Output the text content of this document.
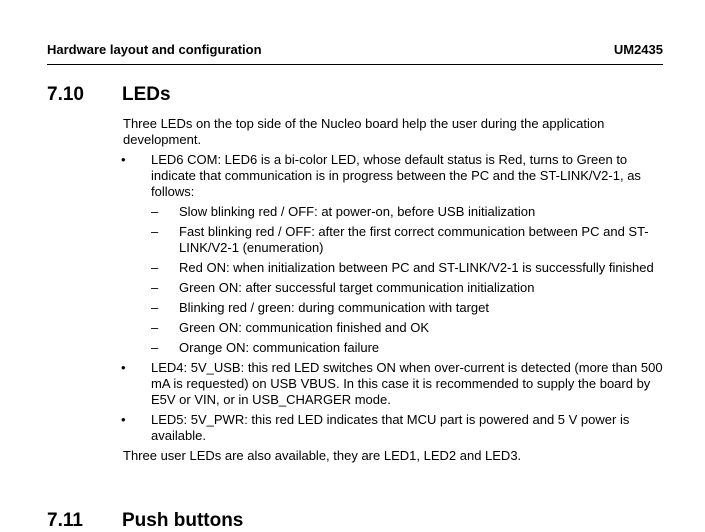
Hardware layout and configuration	UM2435
7.10 LEDs

Three LEDs on the top side of the Nucleo board help the user during the application development.

• LED6 COM: LED6 is a bi-color LED, whose default status is Red, turns to Green to indicate that communication is in progress between the PC and the ST-LINK/V2-1, as follows:
– Slow blinking red / OFF: at power-on, before USB initialization
– Fast blinking red / OFF: after the first correct communication between PC and ST-LINK/V2-1 (enumeration)
– Red ON: when initialization between PC and ST-LINK/V2-1 is successfully finished
– Green ON: after successful target communication initialization
– Blinking red / green: during communication with target
– Green ON: communication finished and OK
– Orange ON: communication failure
• LED4: 5V_USB: this red LED switches ON when over-current is detected (more than 500 mA is requested) on USB VBUS. In this case it is recommended to supply the board by E5V or VIN, or in USB_CHARGER mode.
• LED5: 5V_PWR: this red LED indicates that MCU part is powered and 5 V power is available.

Three user LEDs are also available, they are LED1, LED2 and LED3.

7.11 Push buttons
